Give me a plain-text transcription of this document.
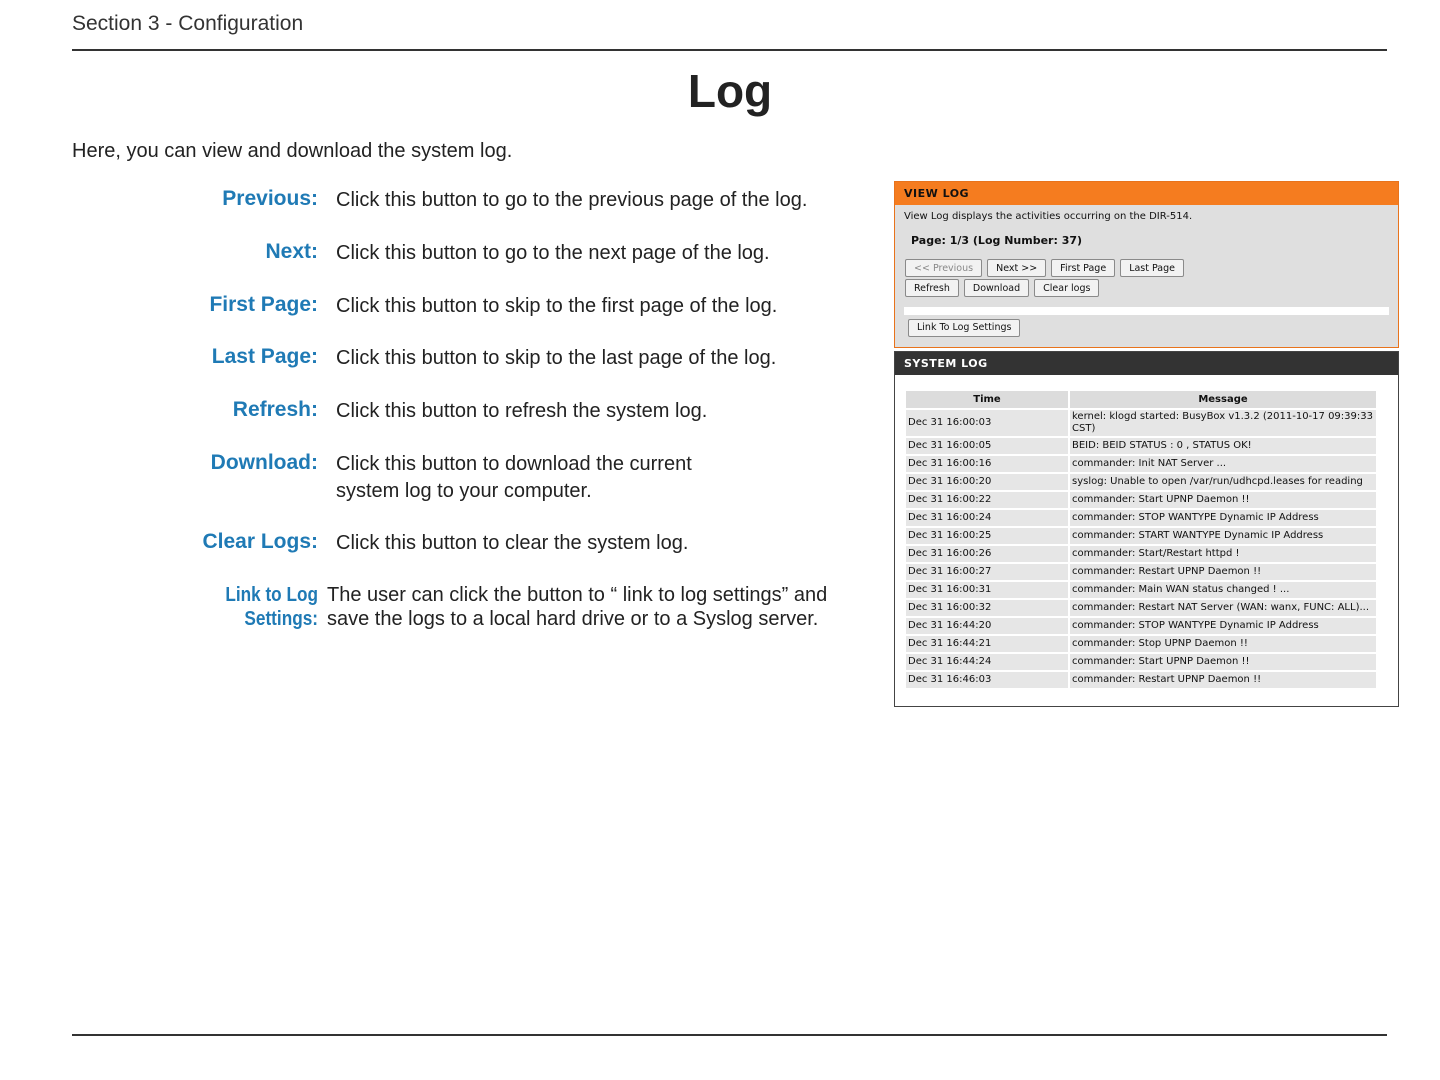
Section 3 - Configuration
Log
Here, you can view and download the system log.
Previous: Click this button to go to the previous page of the log.
Next: Click this button to go to the next page of the log.
First Page: Click this button to skip to the first page of the log.
Last Page: Click this button to skip to the last page of the log.
Refresh: Click this button to refresh the system log.
Download: Click this button to download the current system log to your computer.
Clear Logs: Click this button to clear the system log.
Link to Log Settings:
The user can click the button to “ link to log settings” and save the logs to a local hard drive or to a Syslog server.
VIEW LOG
View Log displays the activities occurring on the DIR-514.
Page: 1/3 (Log Number: 37)
<< Previous	Next >>	First Page	Last Page
Refresh	Download	Clear logs
Link To Log Settings
SYSTEM LOG
Time	Message
Dec 31 16:00:03	kernel: klogd started: BusyBox v1.3.2 (2011-10-17 09:39:33 CST)
Dec 31 16:00:05	BEID: BEID STATUS : 0 , STATUS OK!
Dec 31 16:00:16	commander: Init NAT Server ...
Dec 31 16:00:20	syslog: Unable to open /var/run/udhcpd.leases for reading
Dec 31 16:00:22	commander: Start UPNP Daemon !!
Dec 31 16:00:24	commander: STOP WANTYPE Dynamic IP Address
Dec 31 16:00:25	commander: START WANTYPE Dynamic IP Address
Dec 31 16:00:26	commander: Start/Restart httpd !
Dec 31 16:00:27	commander: Restart UPNP Daemon !!
Dec 31 16:00:31	commander: Main WAN status changed ! ...
Dec 31 16:00:32	commander: Restart NAT Server (WAN: wanx, FUNC: ALL)...
Dec 31 16:44:20	commander: STOP WANTYPE Dynamic IP Address
Dec 31 16:44:21	commander: Stop UPNP Daemon !!
Dec 31 16:44:24	commander: Start UPNP Daemon !!
Dec 31 16:46:03	commander: Restart UPNP Daemon !!
